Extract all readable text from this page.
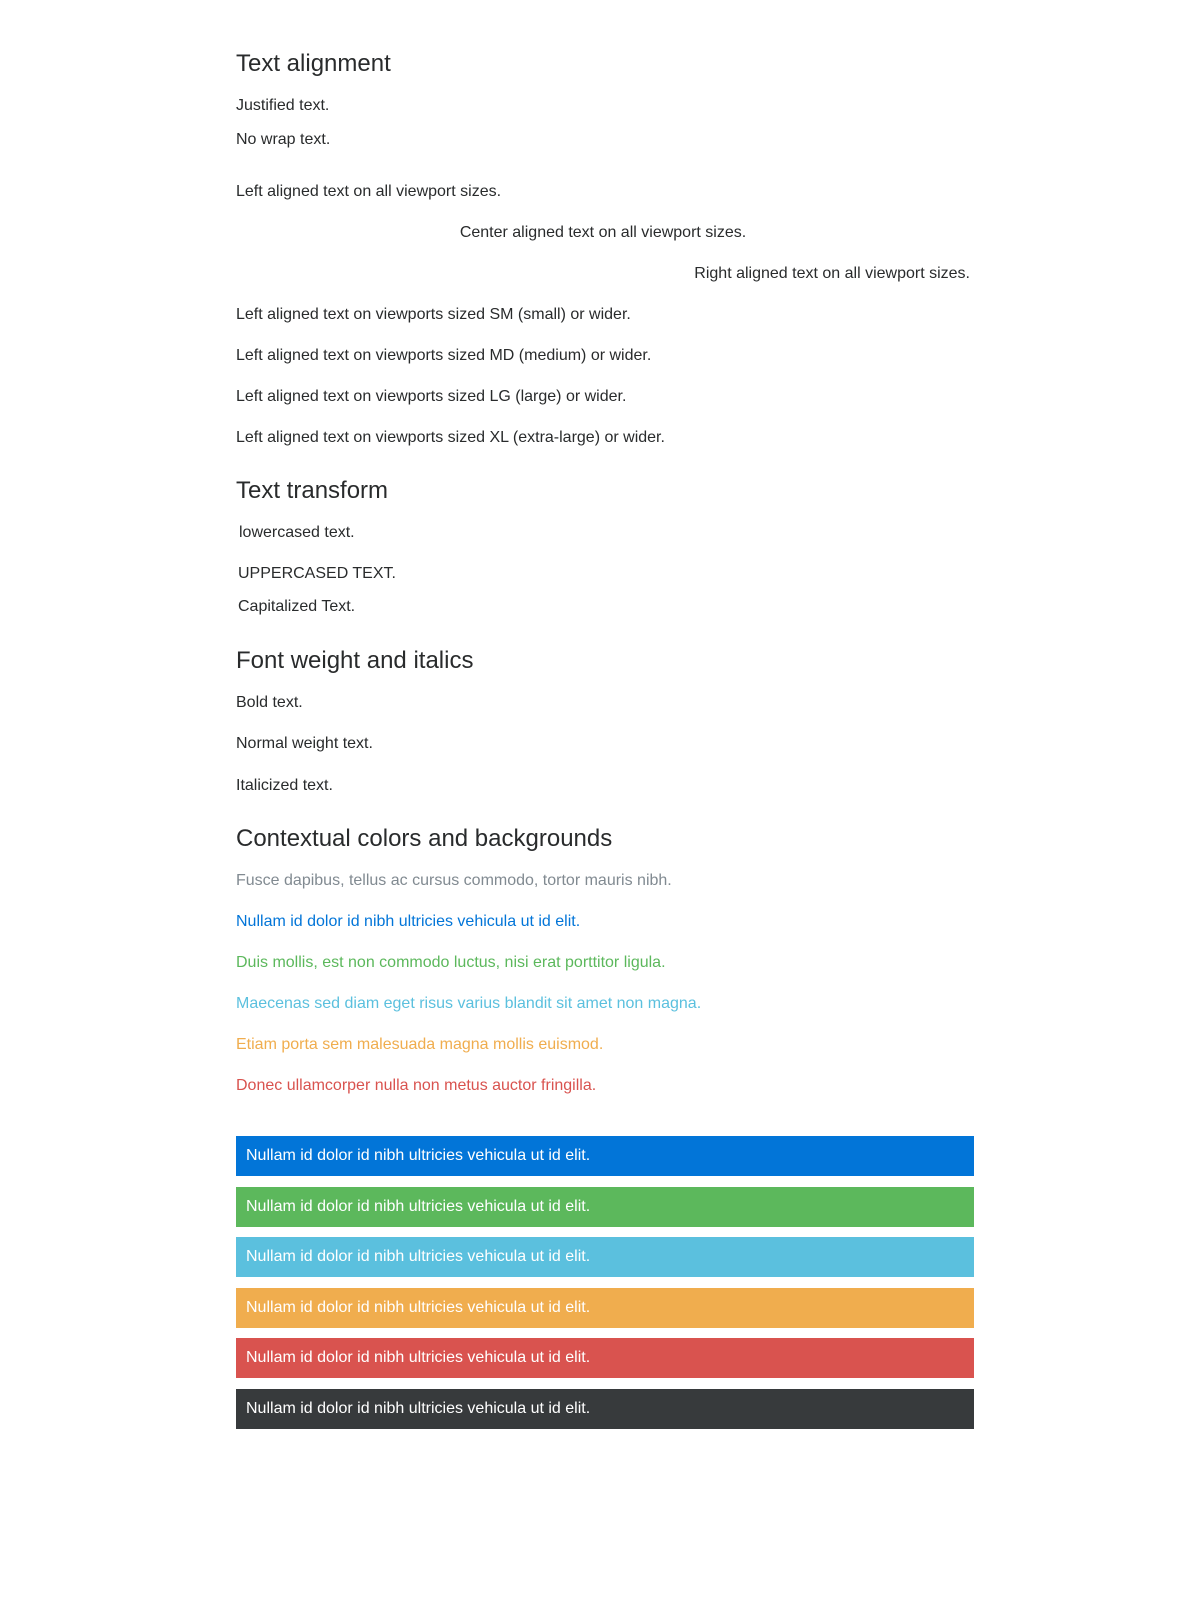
Text alignment

Justified text.

No wrap text.

Left aligned text on all viewport sizes.

Center aligned text on all viewport sizes.

Right aligned text on all viewport sizes.

Left aligned text on viewports sized SM (small) or wider.

Left aligned text on viewports sized MD (medium) or wider.

Left aligned text on viewports sized LG (large) or wider.

Left aligned text on viewports sized XL (extra-large) or wider.

Text transform

lowercased text.

UPPERCASED TEXT.

Capitalized Text.

Font weight and italics

Bold text.

Normal weight text.

Italicized text.

Contextual colors and backgrounds

Fusce dapibus, tellus ac cursus commodo, tortor mauris nibh.

Nullam id dolor id nibh ultricies vehicula ut id elit.

Duis mollis, est non commodo luctus, nisi erat porttitor ligula.

Maecenas sed diam eget risus varius blandit sit amet non magna.

Etiam porta sem malesuada magna mollis euismod.

Donec ullamcorper nulla non metus auctor fringilla.

Nullam id dolor id nibh ultricies vehicula ut id elit.
Nullam id dolor id nibh ultricies vehicula ut id elit.
Nullam id dolor id nibh ultricies vehicula ut id elit.
Nullam id dolor id nibh ultricies vehicula ut id elit.
Nullam id dolor id nibh ultricies vehicula ut id elit.
Nullam id dolor id nibh ultricies vehicula ut id elit.
